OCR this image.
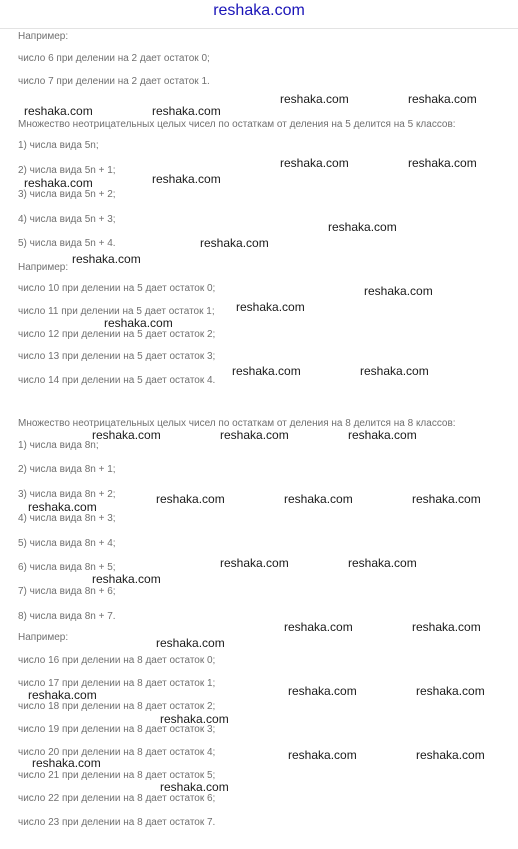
reshaka.com
Например:
число 6 при делении на 2 дает остаток 0;
число 7 при делении на 2 дает остаток 1.
Множество неотрицательных целых чисел по остаткам от деления на 5 делится на 5 классов:
1) числа вида 5n;
2) числа вида 5n + 1;
3) числа вида 5n + 2;
4) числа вида 5n + 3;
5) числа вида 5n + 4.
Например:
число 10 при делении на 5 дает остаток 0;
число 11 при делении на 5 дает остаток 1;
число 12 при делении на 5 дает остаток 2;
число 13 при делении на 5 дает остаток 3;
число 14 при делении на 5 дает остаток 4.
Множество неотрицательных целых чисел по остаткам от деления на 8 делится на 8 классов:
1) числа вида 8n;
2) числа вида 8n + 1;
3) числа вида 8n + 2;
4) числа вида 8n + 3;
5) числа вида 8n + 4;
6) числа вида 8n + 5;
7) числа вида 8n + 6;
8) числа вида 8n + 7.
Например:
число 16 при делении на 8 дает остаток 0;
число 17 при делении на 8 дает остаток 1;
число 18 при делении на 8 дает остаток 2;
число 19 при делении на 8 дает остаток 3;
число 20 при делении на 8 дает остаток 4;
число 21 при делении на 8 дает остаток 5;
число 22 при делении на 8 дает остаток 6;
число 23 при делении на 8 дает остаток 7.
reshaka.com	reshaka.com
reshaka.com	reshaka.com
reshaka.com	reshaka.com
reshaka.com	reshaka.com
reshaka.com
reshaka.com
reshaka.com
reshaka.com
reshaka.com
reshaka.com
reshaka.com	reshaka.com
reshaka.com	reshaka.com	reshaka.com
reshaka.com	reshaka.com	reshaka.com
reshaka.com
reshaka.com	reshaka.com
reshaka.com
reshaka.com	reshaka.com
reshaka.com
reshaka.com	reshaka.com
reshaka.com
reshaka.com
reshaka.com	reshaka.com
reshaka.com
reshaka.com
